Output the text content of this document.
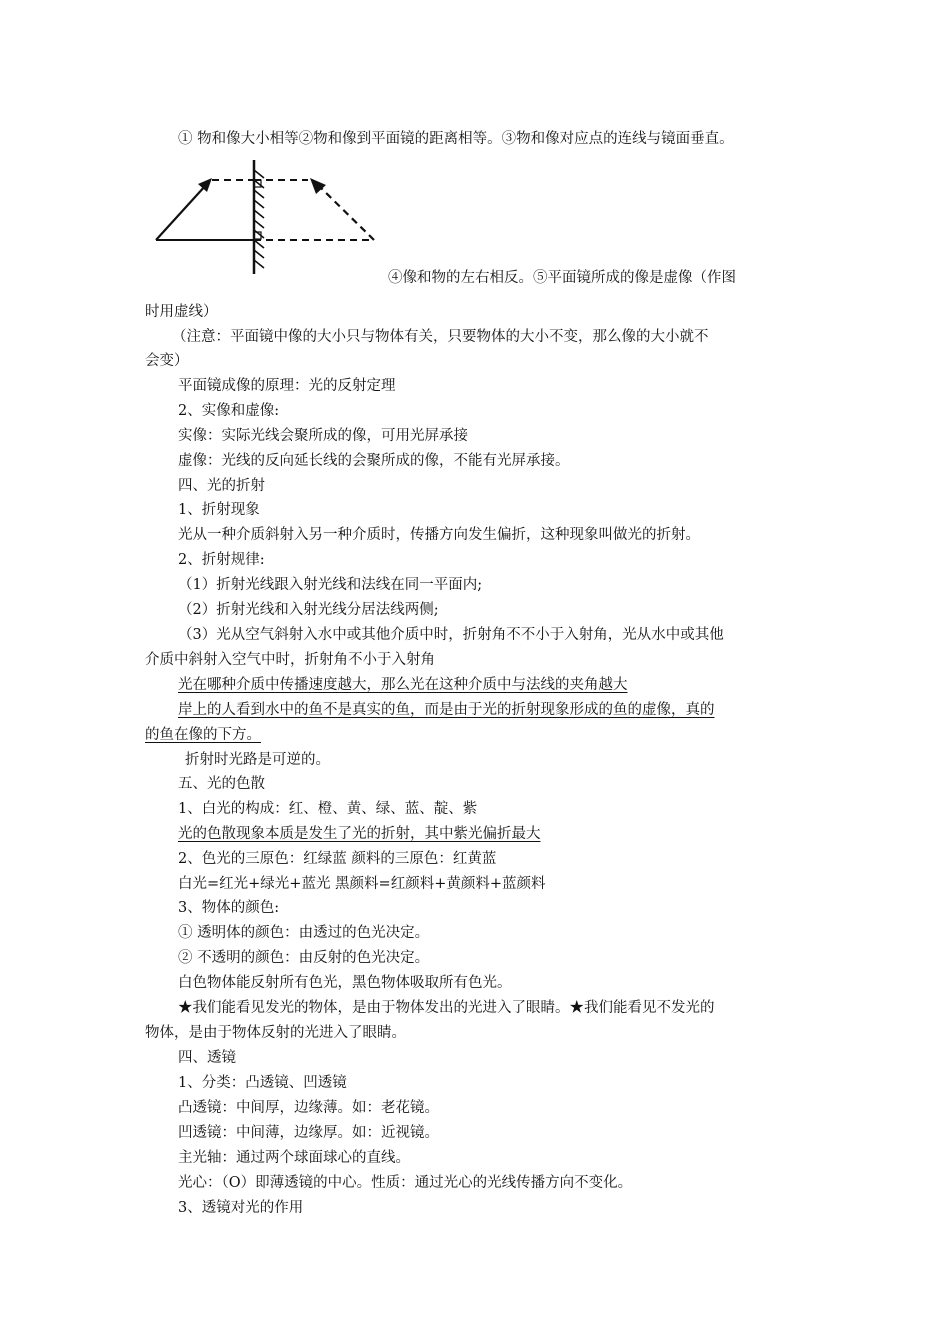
① 物和像大小相等②物和像到平面镜的距离相等。③物和像对应点的连线与镜面垂直。
④像和物的左右相反。⑤平面镜所成的像是虚像（作图
时用虚线）
（注意：平面镜中像的大小只与物体有关，只要物体的大小不变，那么像的大小就不
会变）
平面镜成像的原理：光的反射定理
2、实像和虚像:
实像：实际光线会聚所成的像，可用光屏承接
虚像：光线的反向延长线的会聚所成的像，不能有光屏承接。
四、光的折射
1、折射现象
光从一种介质斜射入另一种介质时，传播方向发生偏折，这种现象叫做光的折射。
2、折射规律:
（1）折射光线跟入射光线和法线在同一平面内;
（2）折射光线和入射光线分居法线两侧;
（3）光从空气斜射入水中或其他介质中时，折射角不不小于入射角，光从水中或其他
介质中斜射入空气中时，折射角不小于入射角
光在哪种介质中传播速度越大，那么光在这种介质中与法线的夹角越大
岸上的人看到水中的鱼不是真实的鱼，而是由于光的折射现象形成的鱼的虚像，真的
的鱼在像的下方。
折射时光路是可逆的。
五、光的色散
1、白光的构成：红、橙、黄、绿、蓝、靛、紫
光的色散现象本质是发生了光的折射，其中紫光偏折最大
2、色光的三原色：红绿蓝 颜料的三原色：红黄蓝
白光=红光+绿光+蓝光 黑颜料=红颜料+黄颜料+蓝颜料
3、物体的颜色:
① 透明体的颜色：由透过的色光决定。
② 不透明的颜色：由反射的色光决定。
白色物体能反射所有色光，黑色物体吸取所有色光。
★我们能看见发光的物体，是由于物体发出的光进入了眼睛。★我们能看见不发光的
物体，是由于物体反射的光进入了眼睛。
四、透镜
1、分类：凸透镜、凹透镜
凸透镜：中间厚，边缘薄。如：老花镜。
凹透镜：中间薄，边缘厚。如：近视镜。
主光轴：通过两个球面球心的直线。
光心：（O）即薄透镜的中心。性质：通过光心的光线传播方向不变化。
3、透镜对光的作用
